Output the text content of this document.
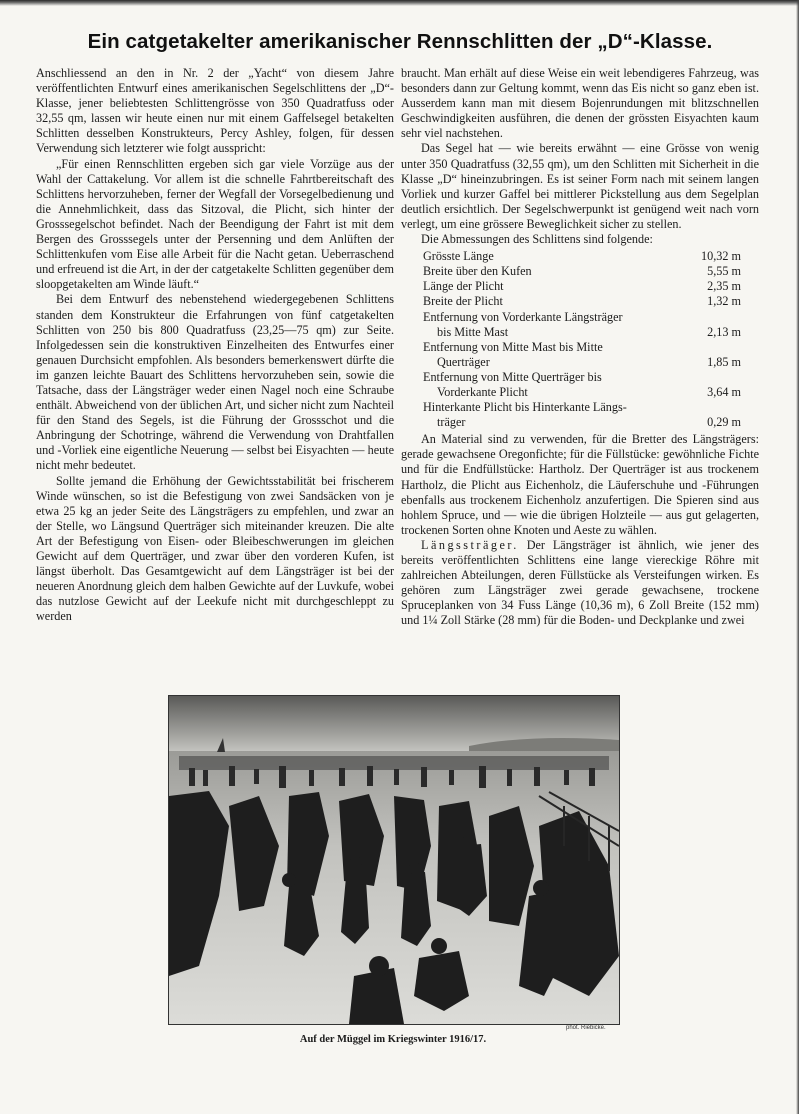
Ein catgetakelter amerikanischer Rennschlitten der „D“-Klasse.

Anschliessend an den in Nr. 2 der „Yacht“ von diesem Jahre veröffentlichten Entwurf eines amerikanischen Segelschlittens der „D“-Klasse, jener beliebtesten Schlittengrösse von 350 Quadratfuss oder 32,55 qm, lassen wir heute einen nur mit einem Gaffelsegel betakelten Schlitten desselben Konstrukteurs, Percy Ashley, folgen, für dessen Verwendung sich letzterer wie folgt ausspricht:

„Für einen Rennschlitten ergeben sich gar viele Vorzüge aus der Wahl der Cattakelung. Vor allem ist die schnelle Fahrtbereitschaft des Schlittens hervorzuheben, ferner der Wegfall der Vorsegelbedienung und die Annehmlichkeit, dass das Sitzoval, die Plicht, sich hinter der Grosssegelschot befindet. Nach der Beendigung der Fahrt ist mit dem Bergen des Grosssegels unter der Persenning und dem Anlüften der Schlittenkufen vom Eise alle Arbeit für die Nacht getan. Ueberraschend und erfreuend ist die Art, in der der catgetakelte Schlitten gegenüber dem sloopgetakelten am Winde läuft.“

Bei dem Entwurf des nebenstehend wiedergegebenen Schlittens standen dem Konstrukteur die Erfahrungen von fünf catgetakelten Schlitten von 250 bis 800 Quadratfuss (23,25—75 qm) zur Seite. Infolgedessen sein die konstruktiven Einzelheiten des Entwurfes einer genauen Durchsicht empfohlen. Als besonders bemerkenswert dürfte die im ganzen leichte Bauart des Schlittens hervorzuheben sein, sowie die Tatsache, dass der Längsträger weder einen Nagel noch eine Schraube enthält. Abweichend von der üblichen Art, und sicher nicht zum Nachteil für den Stand des Segels, ist die Führung der Grossschot und die Anbringung der Schotringe, während die Verwendung von Drahtfallen und -Vorliek eine eigentliche Neuerung — selbst bei Eisyachten — heute nicht mehr bedeutet.

Sollte jemand die Erhöhung der Gewichtsstabilität bei frischerem Winde wünschen, so ist die Befestigung von zwei Sandsäcken von je etwa 25 kg an jeder Seite des Längsträgers zu empfehlen, und zwar an der Stelle, wo Längsund Querträger sich miteinander kreuzen. Die alte Art der Befestigung von Eisen- oder Bleibeschwerungen im gleichen Gewicht auf dem Querträger, und zwar über den vorderen Kufen, ist längst überholt. Das Gesamtgewicht auf dem Längsträger ist bei der neueren Anordnung gleich dem halben Gewichte auf der Luvkufe, wobei das nutzlose Gewicht auf der Leekufe nicht mit durchgeschleppt zu werden

braucht. Man erhält auf diese Weise ein weit lebendigeres Fahrzeug, was besonders dann zur Geltung kommt, wenn das Eis nicht so ganz eben ist. Ausserdem kann man mit diesem Bojenrundungen mit blitzschnellen Geschwindigkeiten ausführen, die denen der grössten Eisyachten kaum sehr viel nachstehen.

Das Segel hat — wie bereits erwähnt — eine Grösse von wenig unter 350 Quadratfuss (32,55 qm), um den Schlitten mit Sicherheit in die Klasse „D“ hineinzubringen. Es ist seiner Form nach mit seinem langen Vorliek und kurzer Gaffel bei mittlerer Pickstellung aus dem Segelplan deutlich ersichtlich. Der Segelschwerpunkt ist genügend weit nach vorn verlegt, um eine grössere Beweglichkeit sicher zu stellen.

Die Abmessungen des Schlittens sind folgende:

Grösste Länge	10,32 m
Breite über den Kufen	5,55 m
Länge der Plicht	2,35 m
Breite der Plicht	1,32 m
Entfernung von Vorderkante Längsträger
bis Mitte Mast	2,13 m
Entfernung von Mitte Mast bis Mitte
Querträger	1,85 m
Entfernung von Mitte Querträger bis
Vorderkante Plicht	3,64 m
Hinterkante Plicht bis Hinterkante Längs-
träger	0,29 m

An Material sind zu verwenden, für die Bretter des Längsträgers: gerade gewachsene Oregonfichte; für die Füllstücke: gewöhnliche Fichte und für die Endfüllstücke: Hartholz. Der Querträger ist aus trockenem Hartholz, die Plicht aus Eichenholz, die Läuferschuhe und -Führungen ebenfalls aus trockenem Eichenholz anzufertigen. Die Spieren sind aus hohlem Spruce, und — wie die übrigen Holzteile — aus gut gelagerten, trockenen Sorten ohne Knoten und Aeste zu wählen.

Längssträger. Der Längsträger ist ähnlich, wie jener des bereits veröffentlichten Schlittens eine lange viereckige Röhre mit zahlreichen Abteilungen, deren Füllstücke als Versteifungen wirken. Es gehören zum Längsträger zwei gerade gewachsene, trockene Spruceplanken von 34 Fuss Länge (10,36 m), 6 Zoll Breite (152 mm) und 1¼ Zoll Stärke (28 mm) für die Boden- und Deckplanke und zwei

phot. Riebicke.
Auf der Müggel im Kriegswinter 1916/17.
